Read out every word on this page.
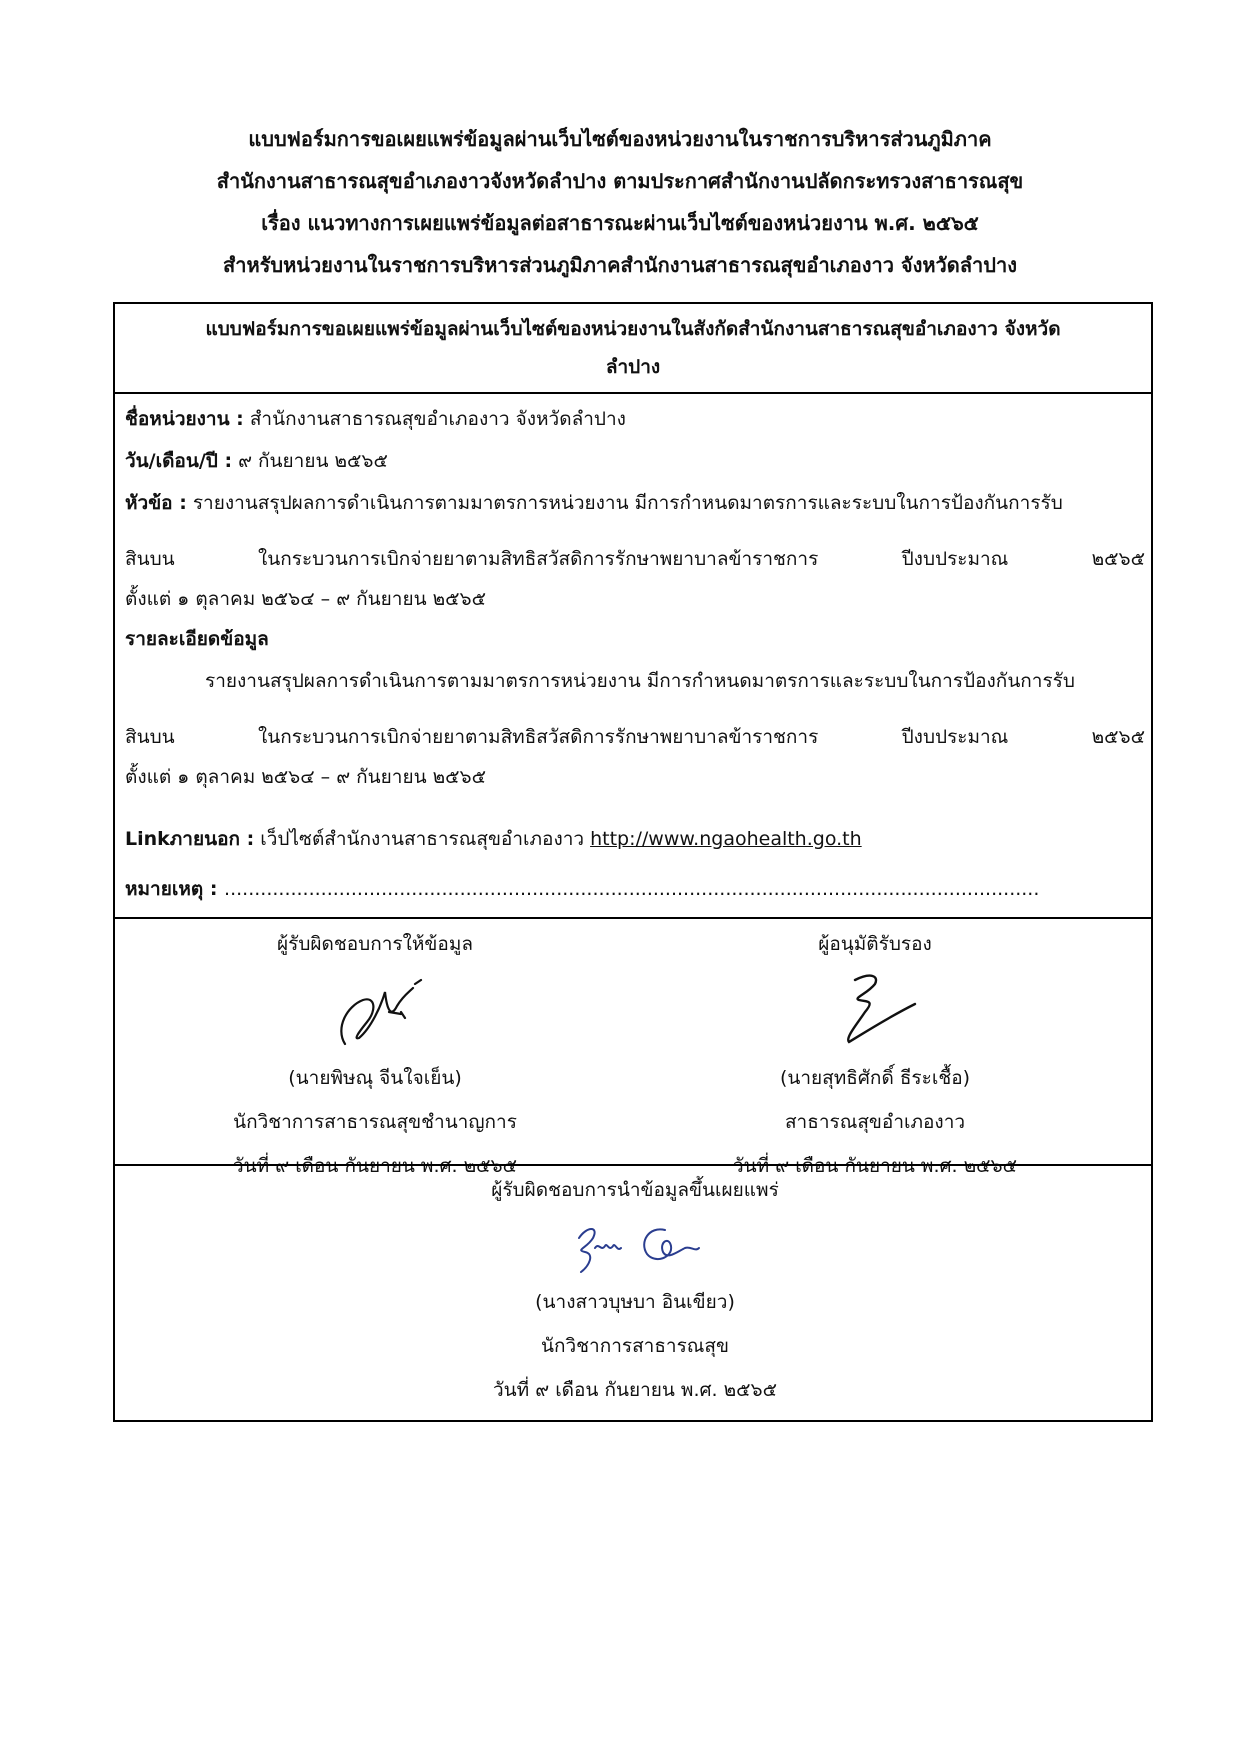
แบบฟอร์มการขอเผยแพร่ข้อมูลผ่านเว็บไซต์ของหน่วยงานในราชการบริหารส่วนภูมิภาค
สำนักงานสาธารณสุขอำเภองาวจังหวัดลำปาง ตามประกาศสำนักงานปลัดกระทรวงสาธารณสุข
เรื่อง แนวทางการเผยแพร่ข้อมูลต่อสาธารณะผ่านเว็บไซต์ของหน่วยงาน พ.ศ. ๒๕๖๕
สำหรับหน่วยงานในราชการบริหารส่วนภูมิภาคสำนักงานสาธารณสุขอำเภองาว จังหวัดลำปาง
แบบฟอร์มการขอเผยแพร่ข้อมูลผ่านเว็บไซต์ของหน่วยงานในสังกัดสำนักงานสาธารณสุขอำเภองาว จังหวัด
ลำปาง
ชื่อหน่วยงาน : สำนักงานสาธารณสุขอำเภองาว จังหวัดลำปาง
วัน/เดือน/ปี : ๙ กันยายน ๒๕๖๕
หัวข้อ : รายงานสรุปผลการดำเนินการตามมาตรการหน่วยงาน มีการกำหนดมาตรการและระบบในการป้องกันการรับ
สินบน ในกระบวนการเบิกจ่ายยาตามสิทธิสวัสดิการรักษาพยาบาลข้าราชการ ปีงบประมาณ ๒๕๖๕
ตั้งแต่ ๑ ตุลาคม ๒๕๖๔ – ๙ กันยายน ๒๕๖๕
รายละเอียดข้อมูล
รายงานสรุปผลการดำเนินการตามมาตรการหน่วยงาน มีการกำหนดมาตรการและระบบในการป้องกันการรับ
สินบน ในกระบวนการเบิกจ่ายยาตามสิทธิสวัสดิการรักษาพยาบาลข้าราชการ ปีงบประมาณ ๒๕๖๕
ตั้งแต่ ๑ ตุลาคม ๒๕๖๔ – ๙ กันยายน ๒๕๖๕
Linkภายนอก : เว็ปไซต์สำนักงานสาธารณสุขอำเภองาว http://www.ngaohealth.go.th
หมายเหตุ : .......................................................................................................................................
ผู้รับผิดชอบการให้ข้อมูล
(นายพิษณุ จีนใจเย็น)
นักวิชาการสาธารณสุขชำนาญการ
วันที่ ๙ เดือน กันยายน พ.ศ. ๒๕๖๕
ผู้อนุมัติรับรอง
(นายสุทธิศักดิ์ ธีระเชื้อ)
สาธารณสุขอำเภองาว
วันที่ ๙ เดือน กันยายน พ.ศ. ๒๕๖๕
ผู้รับผิดชอบการนำข้อมูลขึ้นเผยแพร่
(นางสาวบุษบา อินเขียว)
นักวิชาการสาธารณสุข
วันที่ ๙ เดือน กันยายน พ.ศ. ๒๕๖๕
